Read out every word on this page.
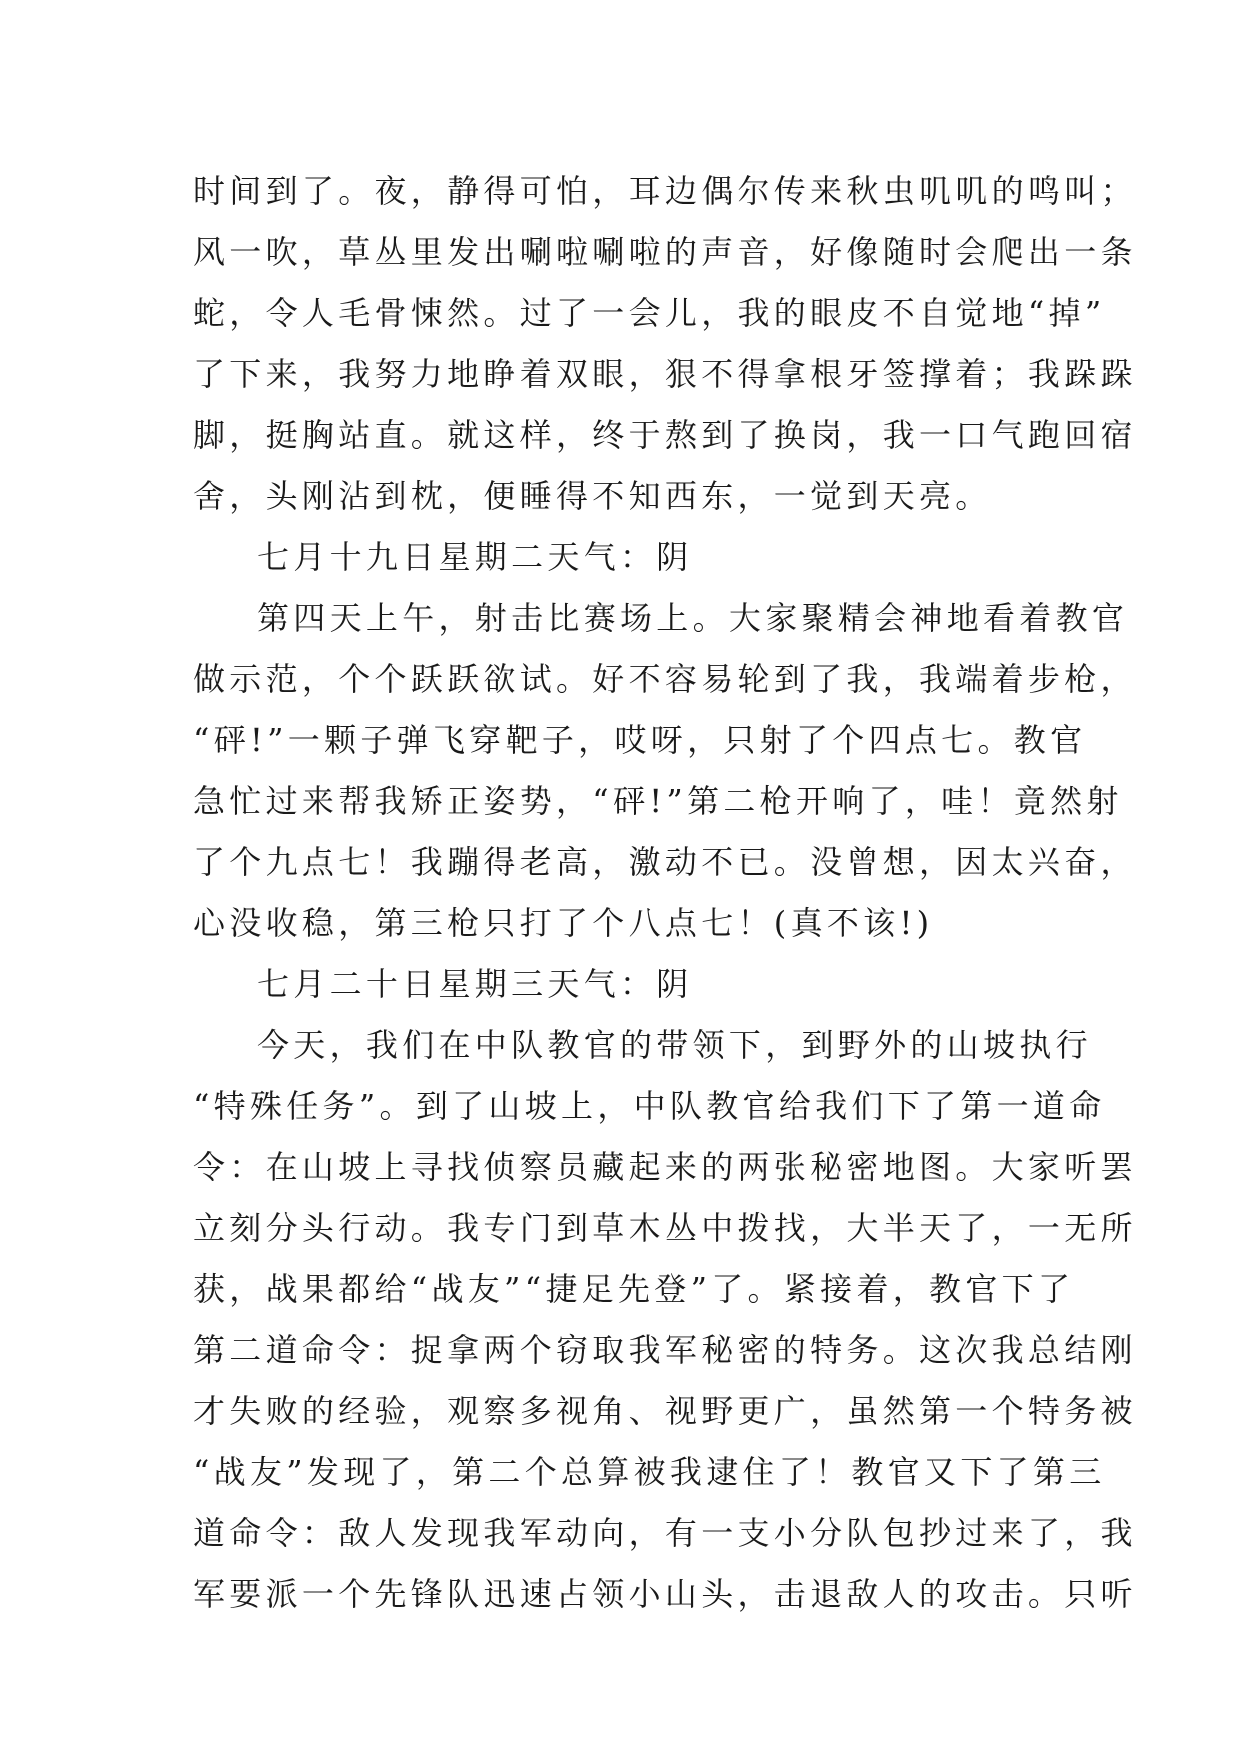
时间到了。夜，静得可怕，耳边偶尔传来秋虫叽叽的鸣叫；
风一吹，草丛里发出唰啦唰啦的声音，好像随时会爬出一条
蛇，令人毛骨悚然。过了一会儿，我的眼皮不自觉地“掉”
了下来，我努力地睁着双眼，狠不得拿根牙签撑着；我跺跺
脚，挺胸站直。就这样，终于熬到了换岗，我一口气跑回宿
舍，头刚沾到枕，便睡得不知西东，一觉到天亮。
七月十九日星期二天气：阴
第四天上午，射击比赛场上。大家聚精会神地看着教官
做示范，个个跃跃欲试。好不容易轮到了我，我端着步枪，
“砰!”一颗子弹飞穿靶子，哎呀，只射了个四点七。教官
急忙过来帮我矫正姿势，“砰!”第二枪开响了，哇！竟然射
了个九点七！我蹦得老高，激动不已。没曾想，因太兴奋，
心没收稳，第三枪只打了个八点七！(真不该!)
七月二十日星期三天气：阴
今天，我们在中队教官的带领下，到野外的山坡执行
“特殊任务”。到了山坡上，中队教官给我们下了第一道命
令：在山坡上寻找侦察员藏起来的两张秘密地图。大家听罢
立刻分头行动。我专门到草木丛中拨找，大半天了，一无所
获，战果都给“战友”“捷足先登”了。紧接着，教官下了
第二道命令：捉拿两个窃取我军秘密的特务。这次我总结刚
才失败的经验，观察多视角、视野更广，虽然第一个特务被
“战友”发现了，第二个总算被我逮住了！教官又下了第三
道命令：敌人发现我军动向，有一支小分队包抄过来了，我
军要派一个先锋队迅速占领小山头，击退敌人的攻击。只听
